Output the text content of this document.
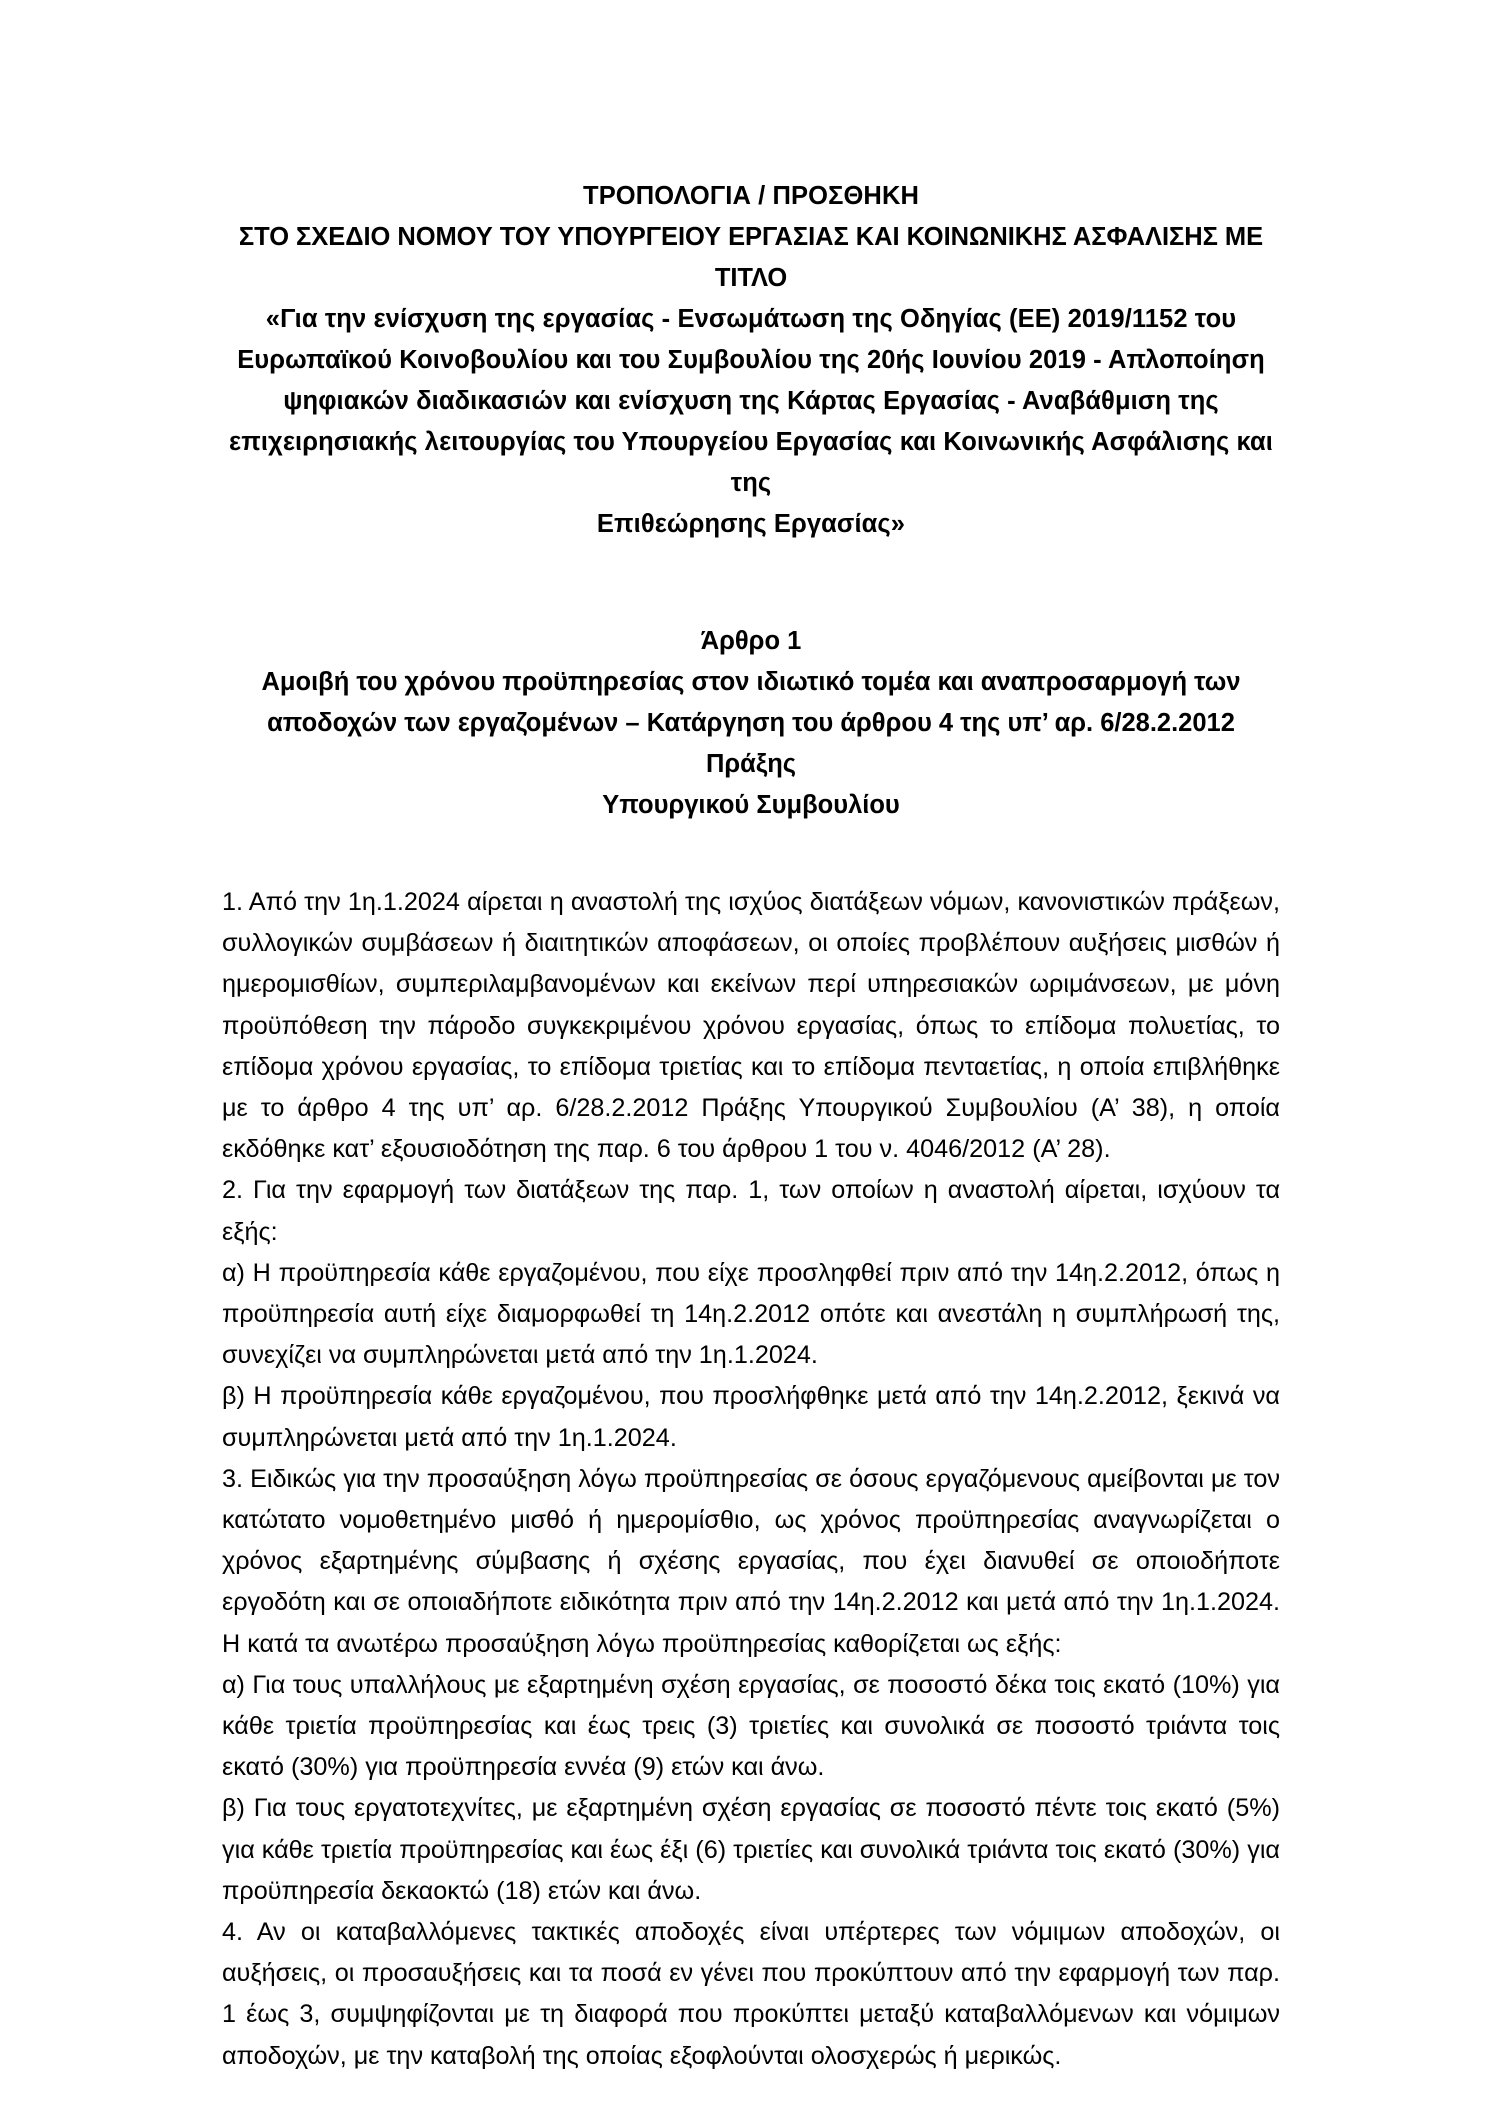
ΤΡΟΠΟΛΟΓΙΑ / ΠΡΟΣΘΗΚΗ
ΣΤΟ ΣΧΕΔΙΟ ΝΟΜΟΥ ΤΟΥ ΥΠΟΥΡΓΕΙΟΥ ΕΡΓΑΣΙΑΣ ΚΑΙ ΚΟΙΝΩΝΙΚΗΣ ΑΣΦΑΛΙΣΗΣ ΜΕ ΤΙΤΛΟ
«Για την ενίσχυση της εργασίας - Ενσωμάτωση της Οδηγίας (ΕΕ) 2019/1152 του
Ευρωπαϊκού Κοινοβουλίου και του Συμβουλίου της 20ής Ιουνίου 2019 - Απλοποίηση
ψηφιακών διαδικασιών και ενίσχυση της Κάρτας Εργασίας - Αναβάθμιση της
επιχειρησιακής λειτουργίας του Υπουργείου Εργασίας και Κοινωνικής Ασφάλισης και της
Επιθεώρησης Εργασίας»
Άρθρο 1
Αμοιβή του χρόνου προϋπηρεσίας στον ιδιωτικό τομέα και αναπροσαρμογή των
αποδοχών των εργαζομένων – Κατάργηση του άρθρου 4 της υπ’ αρ. 6/28.2.2012 Πράξης
Υπουργικού Συμβουλίου

1. Από την 1η.1.2024 αίρεται η αναστολή της ισχύος διατάξεων νόμων, κανονιστικών πράξεων, συλλογικών συμβάσεων ή διαιτητικών αποφάσεων, οι οποίες προβλέπουν αυξήσεις μισθών ή ημερομισθίων, συμπεριλαμβανομένων και εκείνων περί υπηρεσιακών ωριμάνσεων, με μόνη προϋπόθεση την πάροδο συγκεκριμένου χρόνου εργασίας, όπως το επίδομα πολυετίας, το επίδομα χρόνου εργασίας, το επίδομα τριετίας και το επίδομα πενταετίας, η οποία επιβλήθηκε με το άρθρο 4 της υπ’ αρ. 6/28.2.2012 Πράξης Υπουργικού Συμβουλίου (Α’ 38), η οποία εκδόθηκε κατ’ εξουσιοδότηση της παρ. 6 του άρθρου 1 του ν. 4046/2012 (Α’ 28).

2. Για την εφαρμογή των διατάξεων της παρ. 1, των οποίων η αναστολή αίρεται, ισχύουν τα εξής:

α) Η προϋπηρεσία κάθε εργαζομένου, που είχε προσληφθεί πριν από την 14η.2.2012, όπως η προϋπηρεσία αυτή είχε διαμορφωθεί τη 14η.2.2012 οπότε και ανεστάλη η συμπλήρωσή της, συνεχίζει να συμπληρώνεται μετά από την 1η.1.2024.

β) Η προϋπηρεσία κάθε εργαζομένου, που προσλήφθηκε μετά από την 14η.2.2012, ξεκινά να συμπληρώνεται μετά από την 1η.1.2024.

3. Ειδικώς για την προσαύξηση λόγω προϋπηρεσίας σε όσους εργαζόμενους αμείβονται με τον κατώτατο νομοθετημένο μισθό ή ημερομίσθιο, ως χρόνος προϋπηρεσίας αναγνωρίζεται ο χρόνος εξαρτημένης σύμβασης ή σχέσης εργασίας, που έχει διανυθεί σε οποιοδήποτε εργοδότη και σε οποιαδήποτε ειδικότητα πριν από την 14η.2.2012 και μετά από την 1η.1.2024. Η κατά τα ανωτέρω προσαύξηση λόγω προϋπηρεσίας καθορίζεται ως εξής:

α) Για τους υπαλλήλους με εξαρτημένη σχέση εργασίας, σε ποσοστό δέκα τοις εκατό (10%) για κάθε τριετία προϋπηρεσίας και έως τρεις (3) τριετίες και συνολικά σε ποσοστό τριάντα τοις εκατό (30%) για προϋπηρεσία εννέα (9) ετών και άνω.

β) Για τους εργατοτεχνίτες, με εξαρτημένη σχέση εργασίας σε ποσοστό πέντε τοις εκατό (5%) για κάθε τριετία προϋπηρεσίας και έως έξι (6) τριετίες και συνολικά τριάντα τοις εκατό (30%) για προϋπηρεσία δεκαοκτώ (18) ετών και άνω.

4. Αν οι καταβαλλόμενες τακτικές αποδοχές είναι υπέρτερες των νόμιμων αποδοχών, οι αυξήσεις, οι προσαυξήσεις και τα ποσά εν γένει που προκύπτουν από την εφαρμογή των παρ. 1 έως 3, συμψηφίζονται με τη διαφορά που προκύπτει μεταξύ καταβαλλόμενων και νόμιμων αποδοχών, με την καταβολή της οποίας εξοφλούνται ολοσχερώς ή μερικώς.
